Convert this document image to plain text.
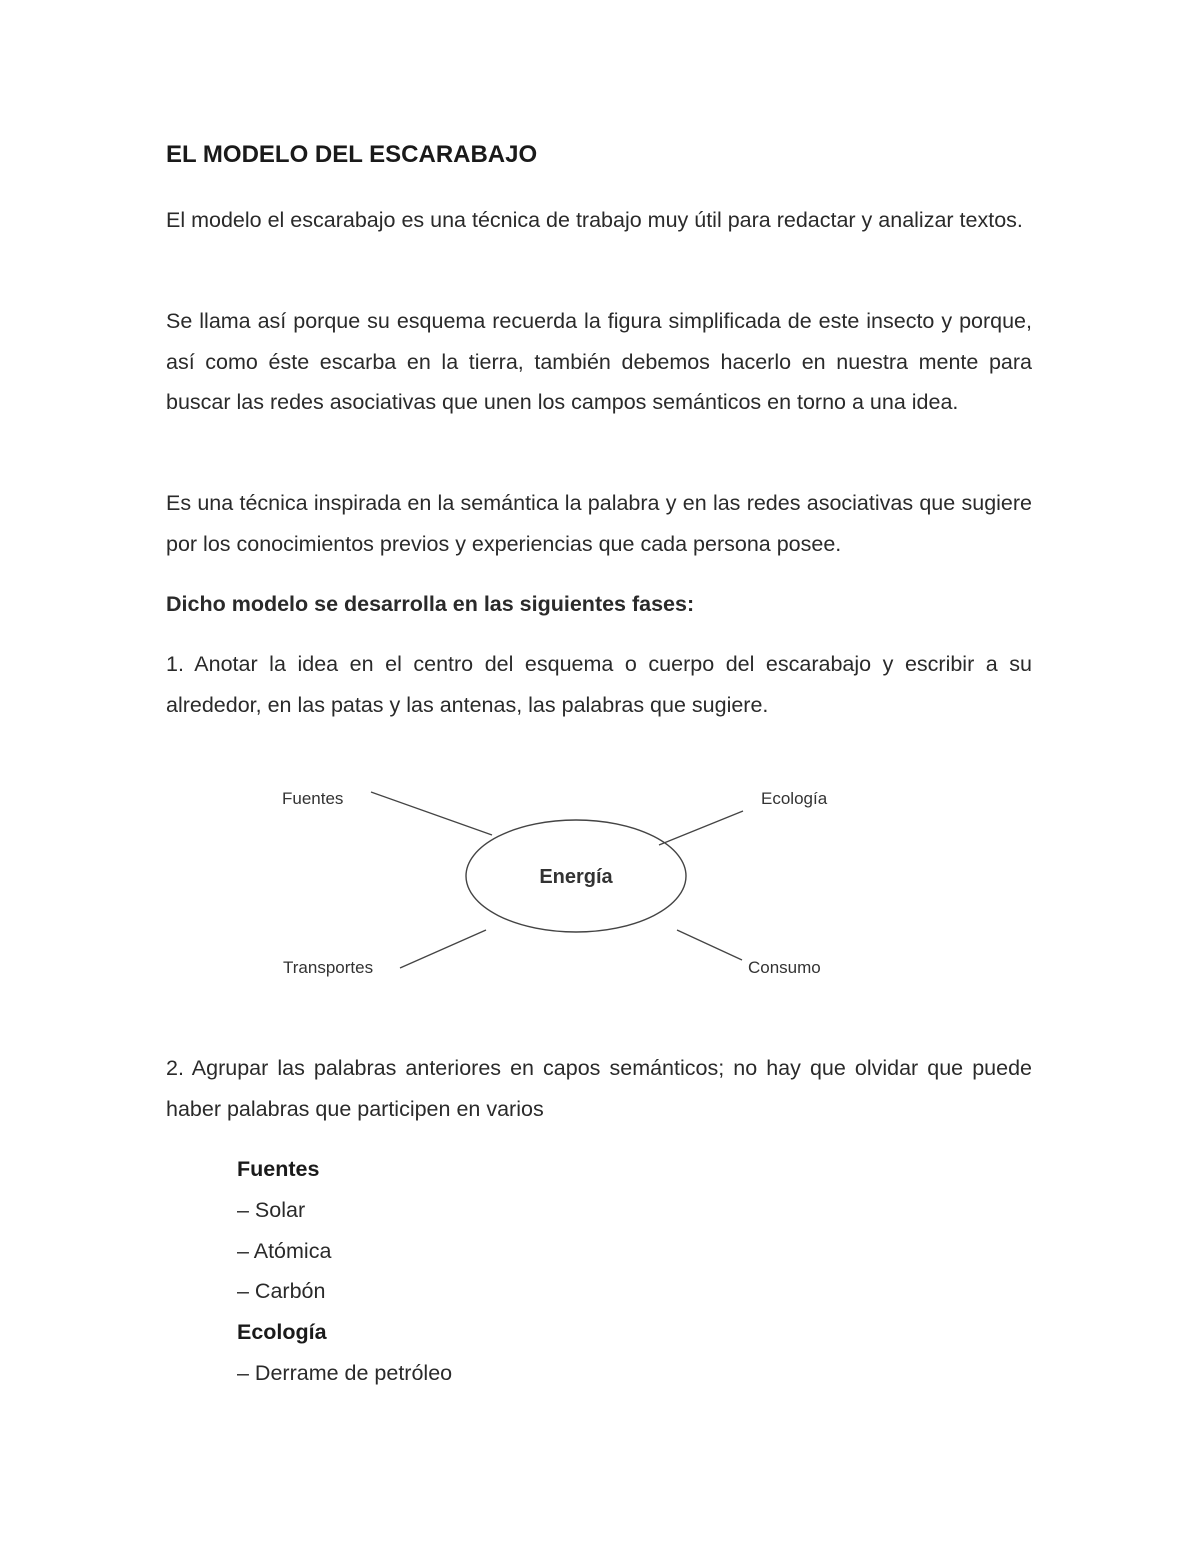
EL MODELO DEL ESCARABAJO

El modelo el escarabajo es una técnica de trabajo muy útil para redactar y analizar textos.

Se llama así porque su esquema recuerda la figura simplificada de este insecto y porque, así como éste escarba en la tierra, también debemos hacerlo en nuestra mente para buscar las redes asociativas que unen los campos semánticos en torno a una idea.

Es una técnica inspirada en la semántica la palabra y en las redes asociativas que sugiere por los conocimientos previos y experiencias que cada persona posee.

Dicho modelo se desarrolla en las siguientes fases:

1. Anotar la idea en el centro del esquema o cuerpo del escarabajo y escribir a su alrededor, en las patas y las antenas, las palabras que sugiere.

Energía
Fuentes	Ecología
Transportes	Consumo

2. Agrupar las palabras anteriores en capos semánticos; no hay que olvidar que puede haber palabras que participen en varios

Fuentes
– Solar
– Atómica
– Carbón
Ecología
– Derrame de petróleo
